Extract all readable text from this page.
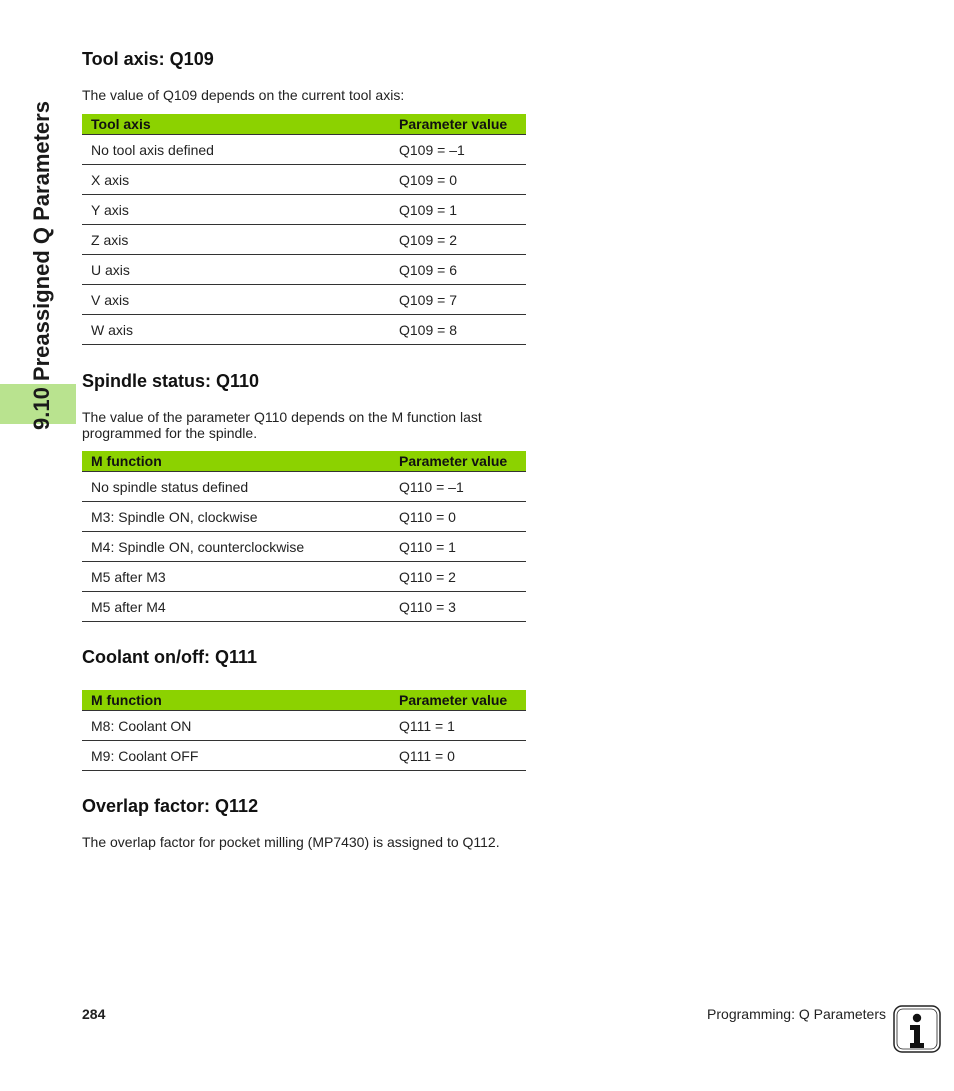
9.10 Preassigned Q Parameters
Tool axis: Q109

The value of Q109 depends on the current tool axis:

Tool axis	Parameter value
No tool axis defined	Q109 = –1
X axis	Q109 = 0
Y axis	Q109 = 1
Z axis	Q109 = 2
U axis	Q109 = 6
V axis	Q109 = 7
W axis	Q109 = 8
Spindle status: Q110

The value of the parameter Q110 depends on the M function last programmed for the spindle.

M function	Parameter value
No spindle status defined	Q110 = –1
M3: Spindle ON, clockwise	Q110 = 0
M4: Spindle ON, counterclockwise	Q110 = 1
M5 after M3	Q110 = 2
M5 after M4	Q110 = 3
Coolant on/off: Q111
M function	Parameter value
M8: Coolant ON	Q111 = 1
M9: Coolant OFF	Q111 = 0
Overlap factor: Q112

The overlap factor for pocket milling (MP7430) is assigned to Q112.

284	Programming: Q Parameters
